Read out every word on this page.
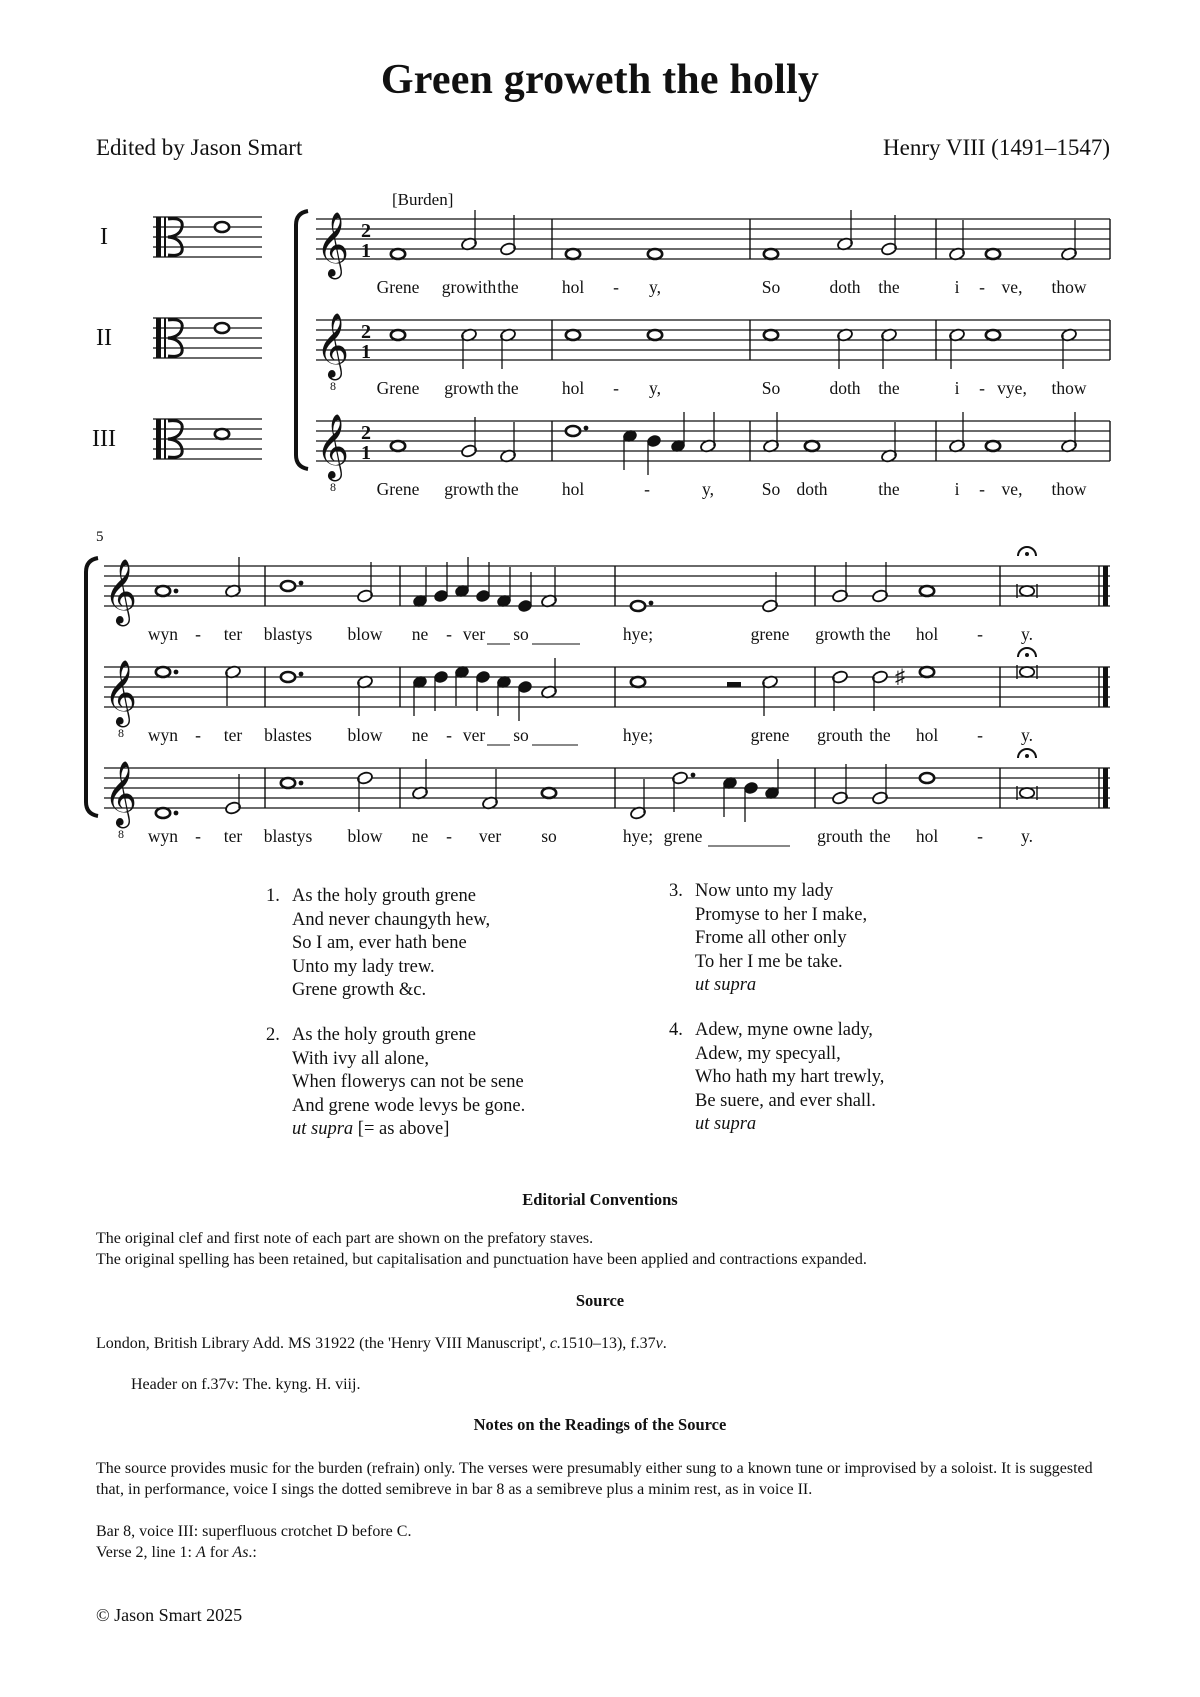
Green groweth the holly
Edited by Jason Smart	Henry VIII (1491–1547)
I
II
III
[Burden]
𝄞 2
1
𝄞
8
2
1
𝄞
8
2
1
Grene growith the hol - y,	So	doth the	i - ve, thow
Grene growth the hol - y,	So	doth the	i - vye, thow
Grene growth the hol	-	y,	So doth	the	i - ve, thow
5
𝄞
𝄞
8
𝄞
8
♯
wyn - ter blastys blow ne - ver so	hye;	grene growth the hol - y.
wyn - ter blastes blow ne - ver so	hye;	grene grouth the hol - y.
wyn - ter blastys blow ne - ver so	hye; grene	grouth the hol - y.
1. As the holy grouth grene
And never chaungyth hew,
So I am, ever hath bene
Unto my lady trew.
Grene growth &c.
2. As the holy grouth grene
With ivy all alone,
When flowerys can not be sene
And grene wode levys be gone.
ut supra [= as above]
3. Now unto my lady
Promyse to her I make,
Frome all other only
To her I me be take.
ut supra
4. Adew, myne owne lady,
Adew, my specyall,
Who hath my hart trewly,
Be suere, and ever shall.
ut supra
Editorial Conventions
The original clef and first note of each part are shown on the prefatory staves.
The original spelling has been retained, but capitalisation and punctuation have been applied and contractions expanded.
Source
London, British Library Add. MS 31922 (the 'Henry VIII Manuscript', c.1510–13), f.37v.
Header on f.37v: The. kyng. H. viij.
Notes on the Readings of the Source
The source provides music for the burden (refrain) only. The verses were presumably either sung to a known tune or improvised by a soloist. It is suggested that, in performance, voice I sings the dotted semibreve in bar 8 as a semibreve plus a minim rest, as in voice II.
Bar 8, voice III: superfluous crotchet D before C.
Verse 2, line 1: A for As.:
© Jason Smart 2025
